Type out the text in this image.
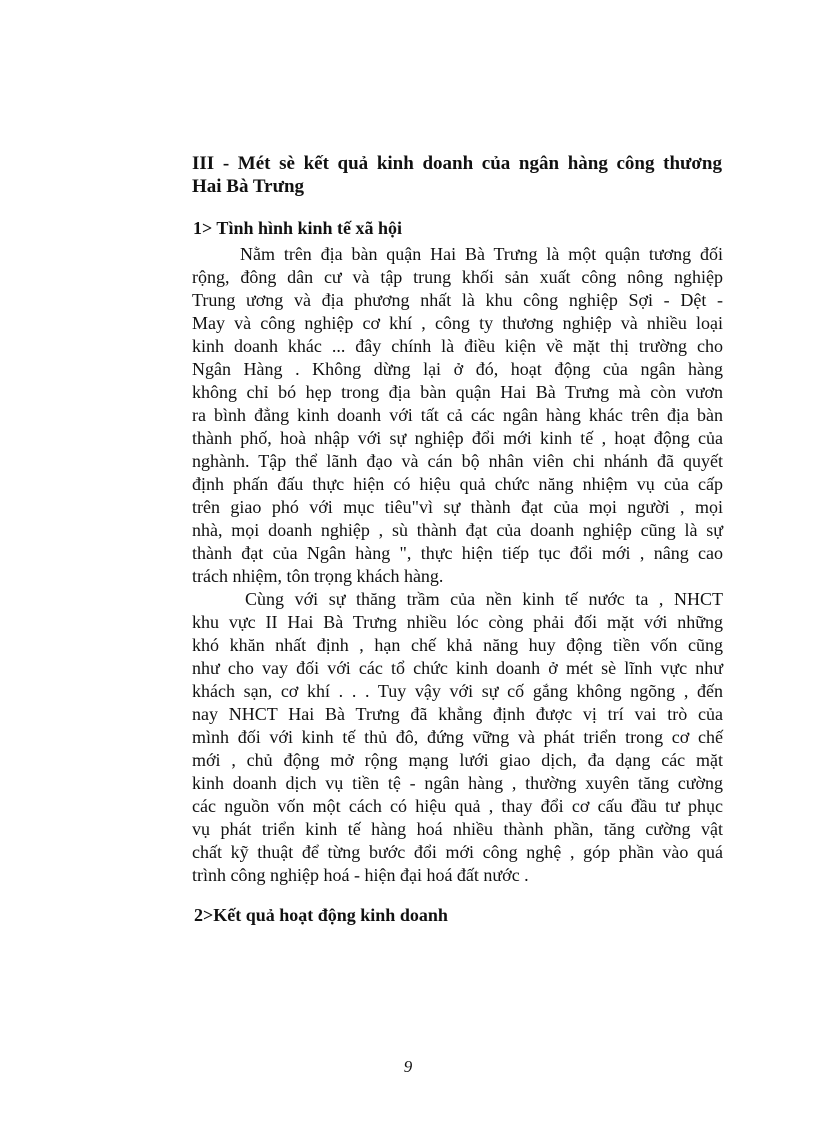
III - Mét sè kết quả kinh doanh của ngân hàng công thương
Hai Bà Trưng
1> Tình hình kinh tế xã hội
Nằm trên địa bàn quận Hai Bà Trưng là một quận tương đối
rộng, đông dân cư và tập trung khối sản xuất công nông nghiệp
Trung ương và địa phương nhất là khu công nghiệp Sợi - Dệt -
May và công nghiệp cơ khí , công ty thương nghiệp và nhiều loại
kinh doanh khác ... đây chính là điều kiện về mặt thị trường cho
Ngân Hàng . Không dừng lại ở đó, hoạt động của ngân hàng
không chỉ bó hẹp trong địa bàn quận Hai Bà Trưng mà còn vươn
ra bình đẳng kinh doanh với tất cả các ngân hàng khác trên địa bàn
thành phố, hoà nhập với sự nghiệp đổi mới kinh tế , hoạt động của
nghành. Tập thể lãnh đạo và cán bộ nhân viên chi nhánh đã quyết
định phấn đấu thực hiện có hiệu quả chức năng nhiệm vụ của cấp
trên giao phó với mục tiêu"vì sự thành đạt của mọi người , mọi
nhà, mọi doanh nghiệp , sù thành đạt của doanh nghiệp cũng là sự
thành đạt của Ngân hàng ", thực hiện tiếp tục đổi mới , nâng cao
trách nhiệm, tôn trọng khách hàng.
Cùng với sự thăng trầm của nền kinh tế nước ta , NHCT
khu vực II Hai Bà Trưng nhiều lóc còng phải đối mặt với những
khó khăn nhất định , hạn chế khả năng huy động tiền vốn cũng
như cho vay đối với các tổ chức kinh doanh ở mét sè lĩnh vực như
khách sạn, cơ khí . . . Tuy vậy với sự cố gắng không ngõng , đến
nay NHCT Hai Bà Trưng đã khẳng định được vị trí vai trò của
mình đối với kinh tế thủ đô, đứng vững và phát triển trong cơ chế
mới , chủ động mở rộng mạng lưới giao dịch, đa dạng các mặt
kinh doanh dịch vụ tiền tệ - ngân hàng , thường xuyên tăng cường
các nguồn vốn một cách có hiệu quả , thay đổi cơ cấu đầu tư phục
vụ phát triển kinh tế hàng hoá nhiều thành phần, tăng cường vật
chất kỹ thuật để từng bước đổi mới công nghệ , góp phần vào quá
trình công nghiệp hoá - hiện đại hoá đất nước .
2>Kết quả hoạt động kinh doanh

9
